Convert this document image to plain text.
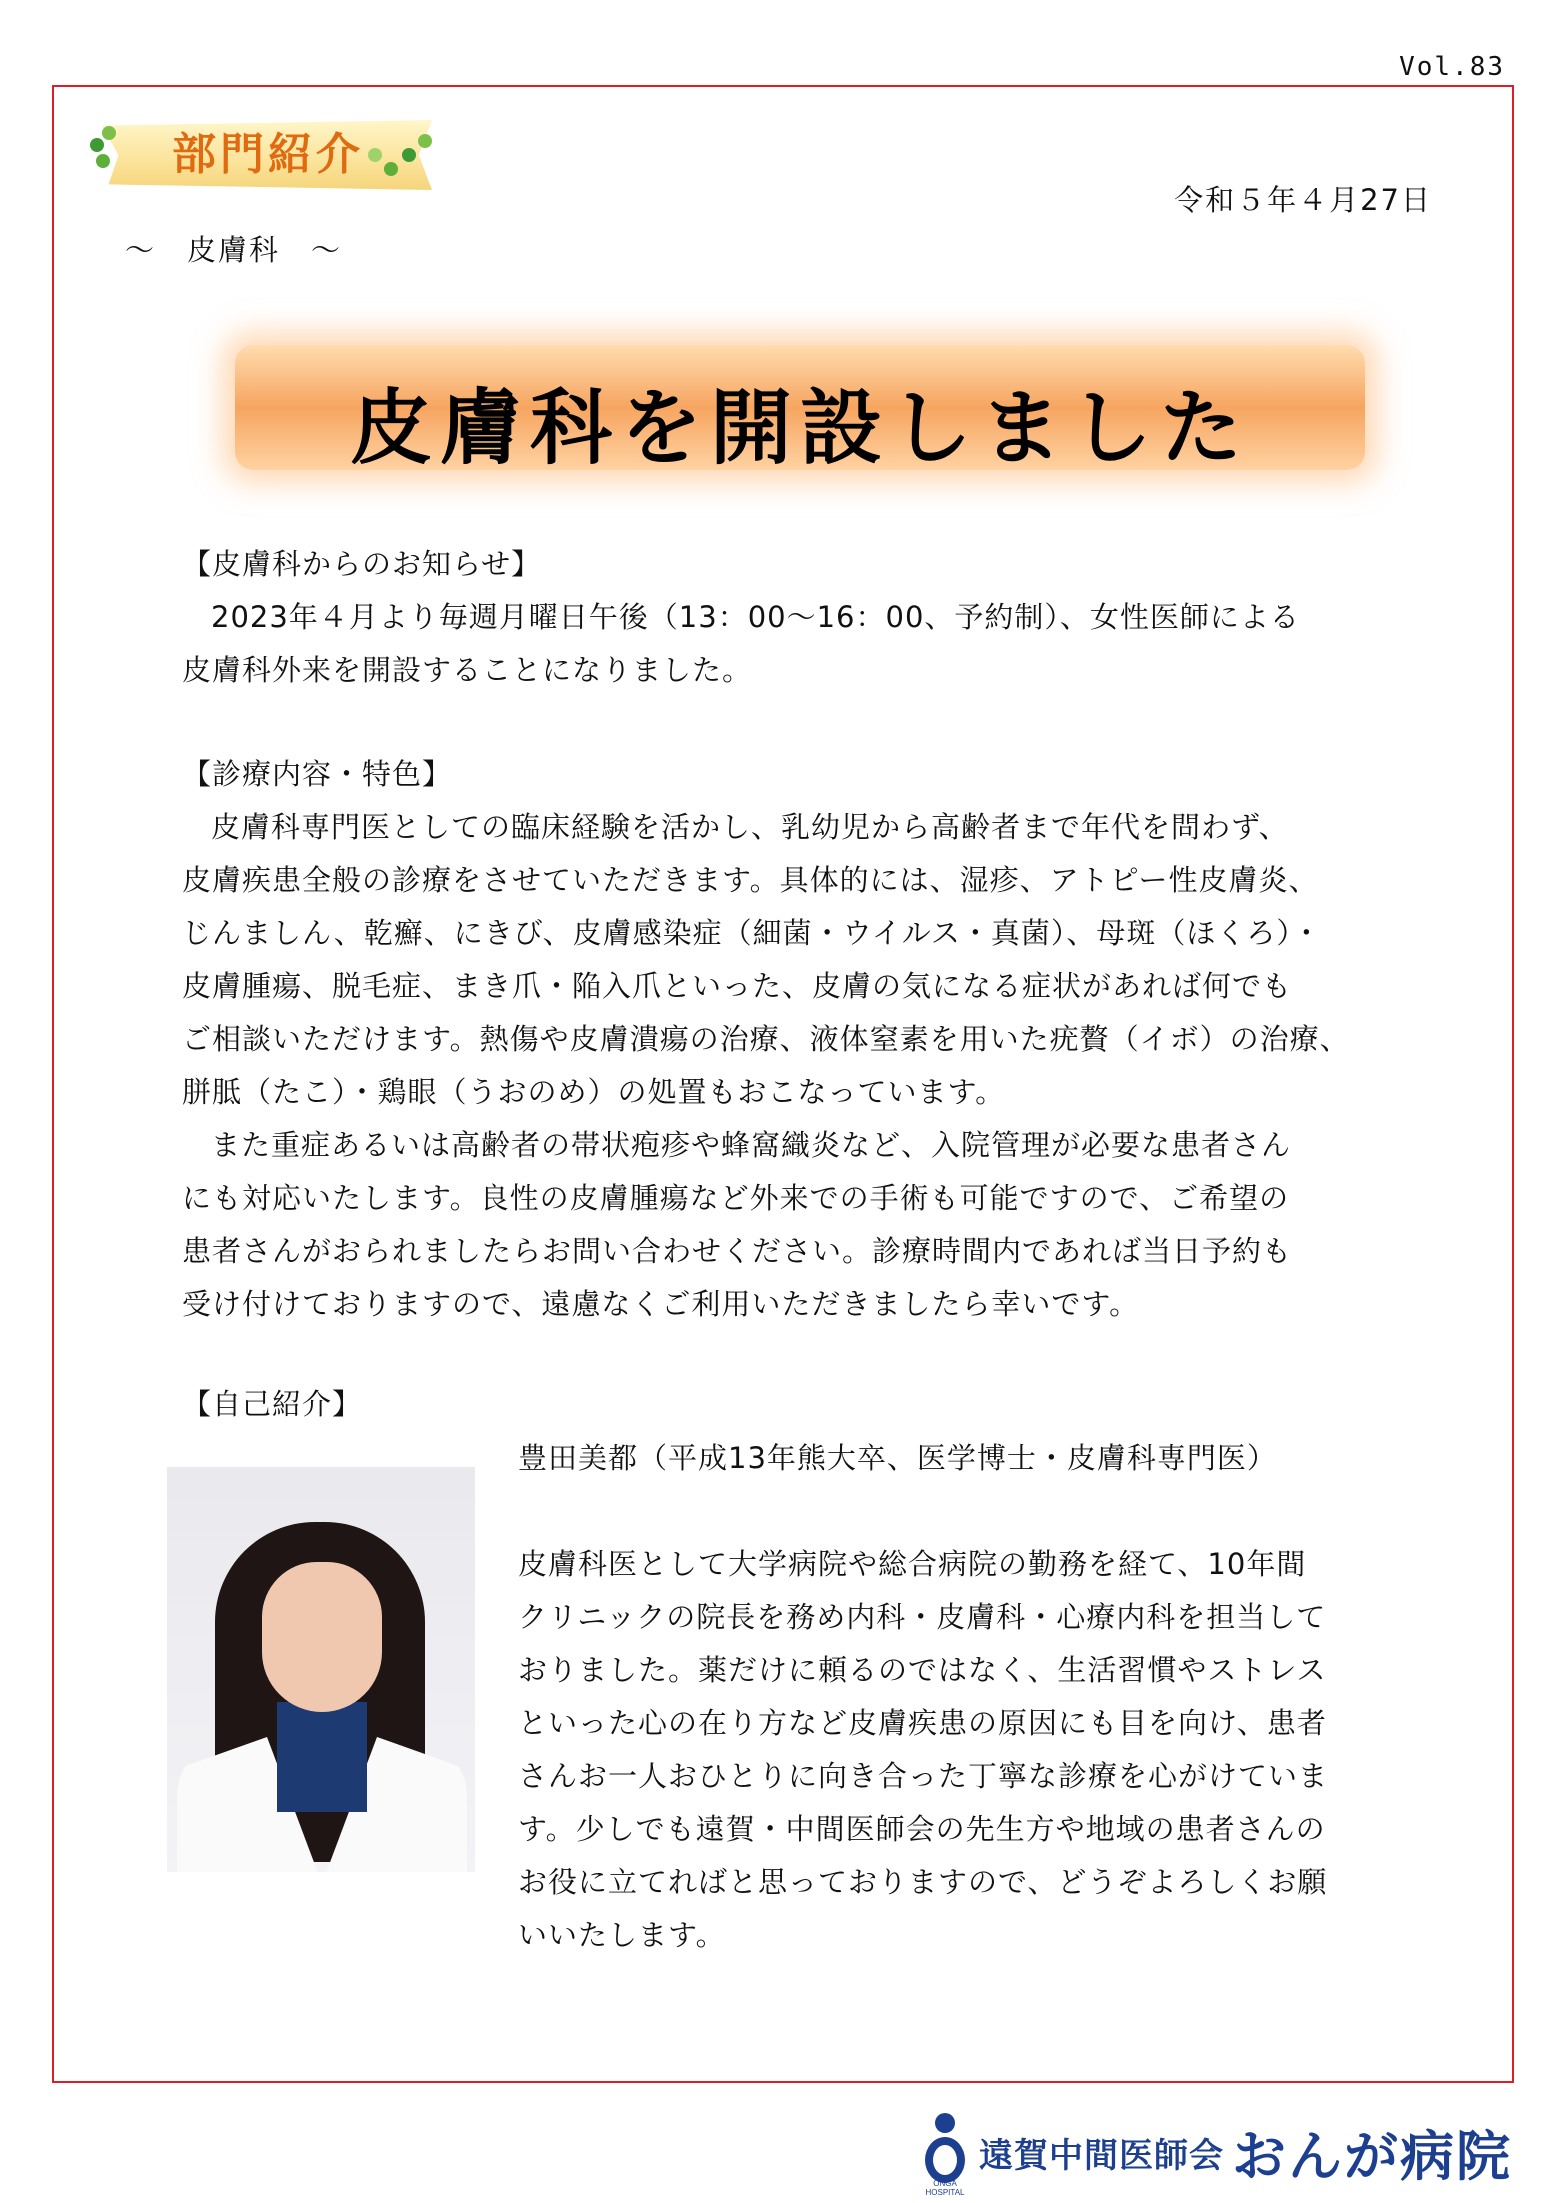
Vol.83
部門紹介
令和５年４月27日
～　皮膚科　～
皮膚科を開設しました

【皮膚科からのお知らせ】

2023年４月より毎週月曜日午後（13：00～16：00、予約制）、女性医師による

皮膚科外来を開設することになりました。

【診療内容・特色】

皮膚科専門医としての臨床経験を活かし、乳幼児から高齢者まで年代を問わず、

皮膚疾患全般の診療をさせていただきます。具体的には、湿疹、アトピー性皮膚炎、

じんましん、乾癬、にきび、皮膚感染症（細菌・ウイルス・真菌）、母斑（ほくろ）・

皮膚腫瘍、脱毛症、まき爪・陥入爪といった、皮膚の気になる症状があれば何でも

ご相談いただけます。熱傷や皮膚潰瘍の治療、液体窒素を用いた疣贅（イボ）の治療、

胼胝（たこ）・鶏眼（うおのめ）の処置もおこなっています。

また重症あるいは高齢者の帯状疱疹や蜂窩織炎など、入院管理が必要な患者さん

にも対応いたします。良性の皮膚腫瘍など外来での手術も可能ですので、ご希望の

患者さんがおられましたらお問い合わせください。診療時間内であれば当日予約も

受け付けておりますので、遠慮なくご利用いただきましたら幸いです。

【自己紹介】
豊田美都（平成13年熊大卒、医学博士・皮膚科専門医）

皮膚科医として大学病院や総合病院の勤務を経て、10年間

クリニックの院長を務め内科・皮膚科・心療内科を担当して

おりました。薬だけに頼るのではなく、生活習慣やストレス

といった心の在り方など皮膚疾患の原因にも目を向け、患者

さんお一人おひとりに向き合った丁寧な診療を心がけていま

す。少しでも遠賀・中間医師会の先生方や地域の患者さんの

お役に立てればと思っておりますので、どうぞよろしくお願

いいたします。

ONGA HOSPITAL
遠賀中間医師会 おんが病院
